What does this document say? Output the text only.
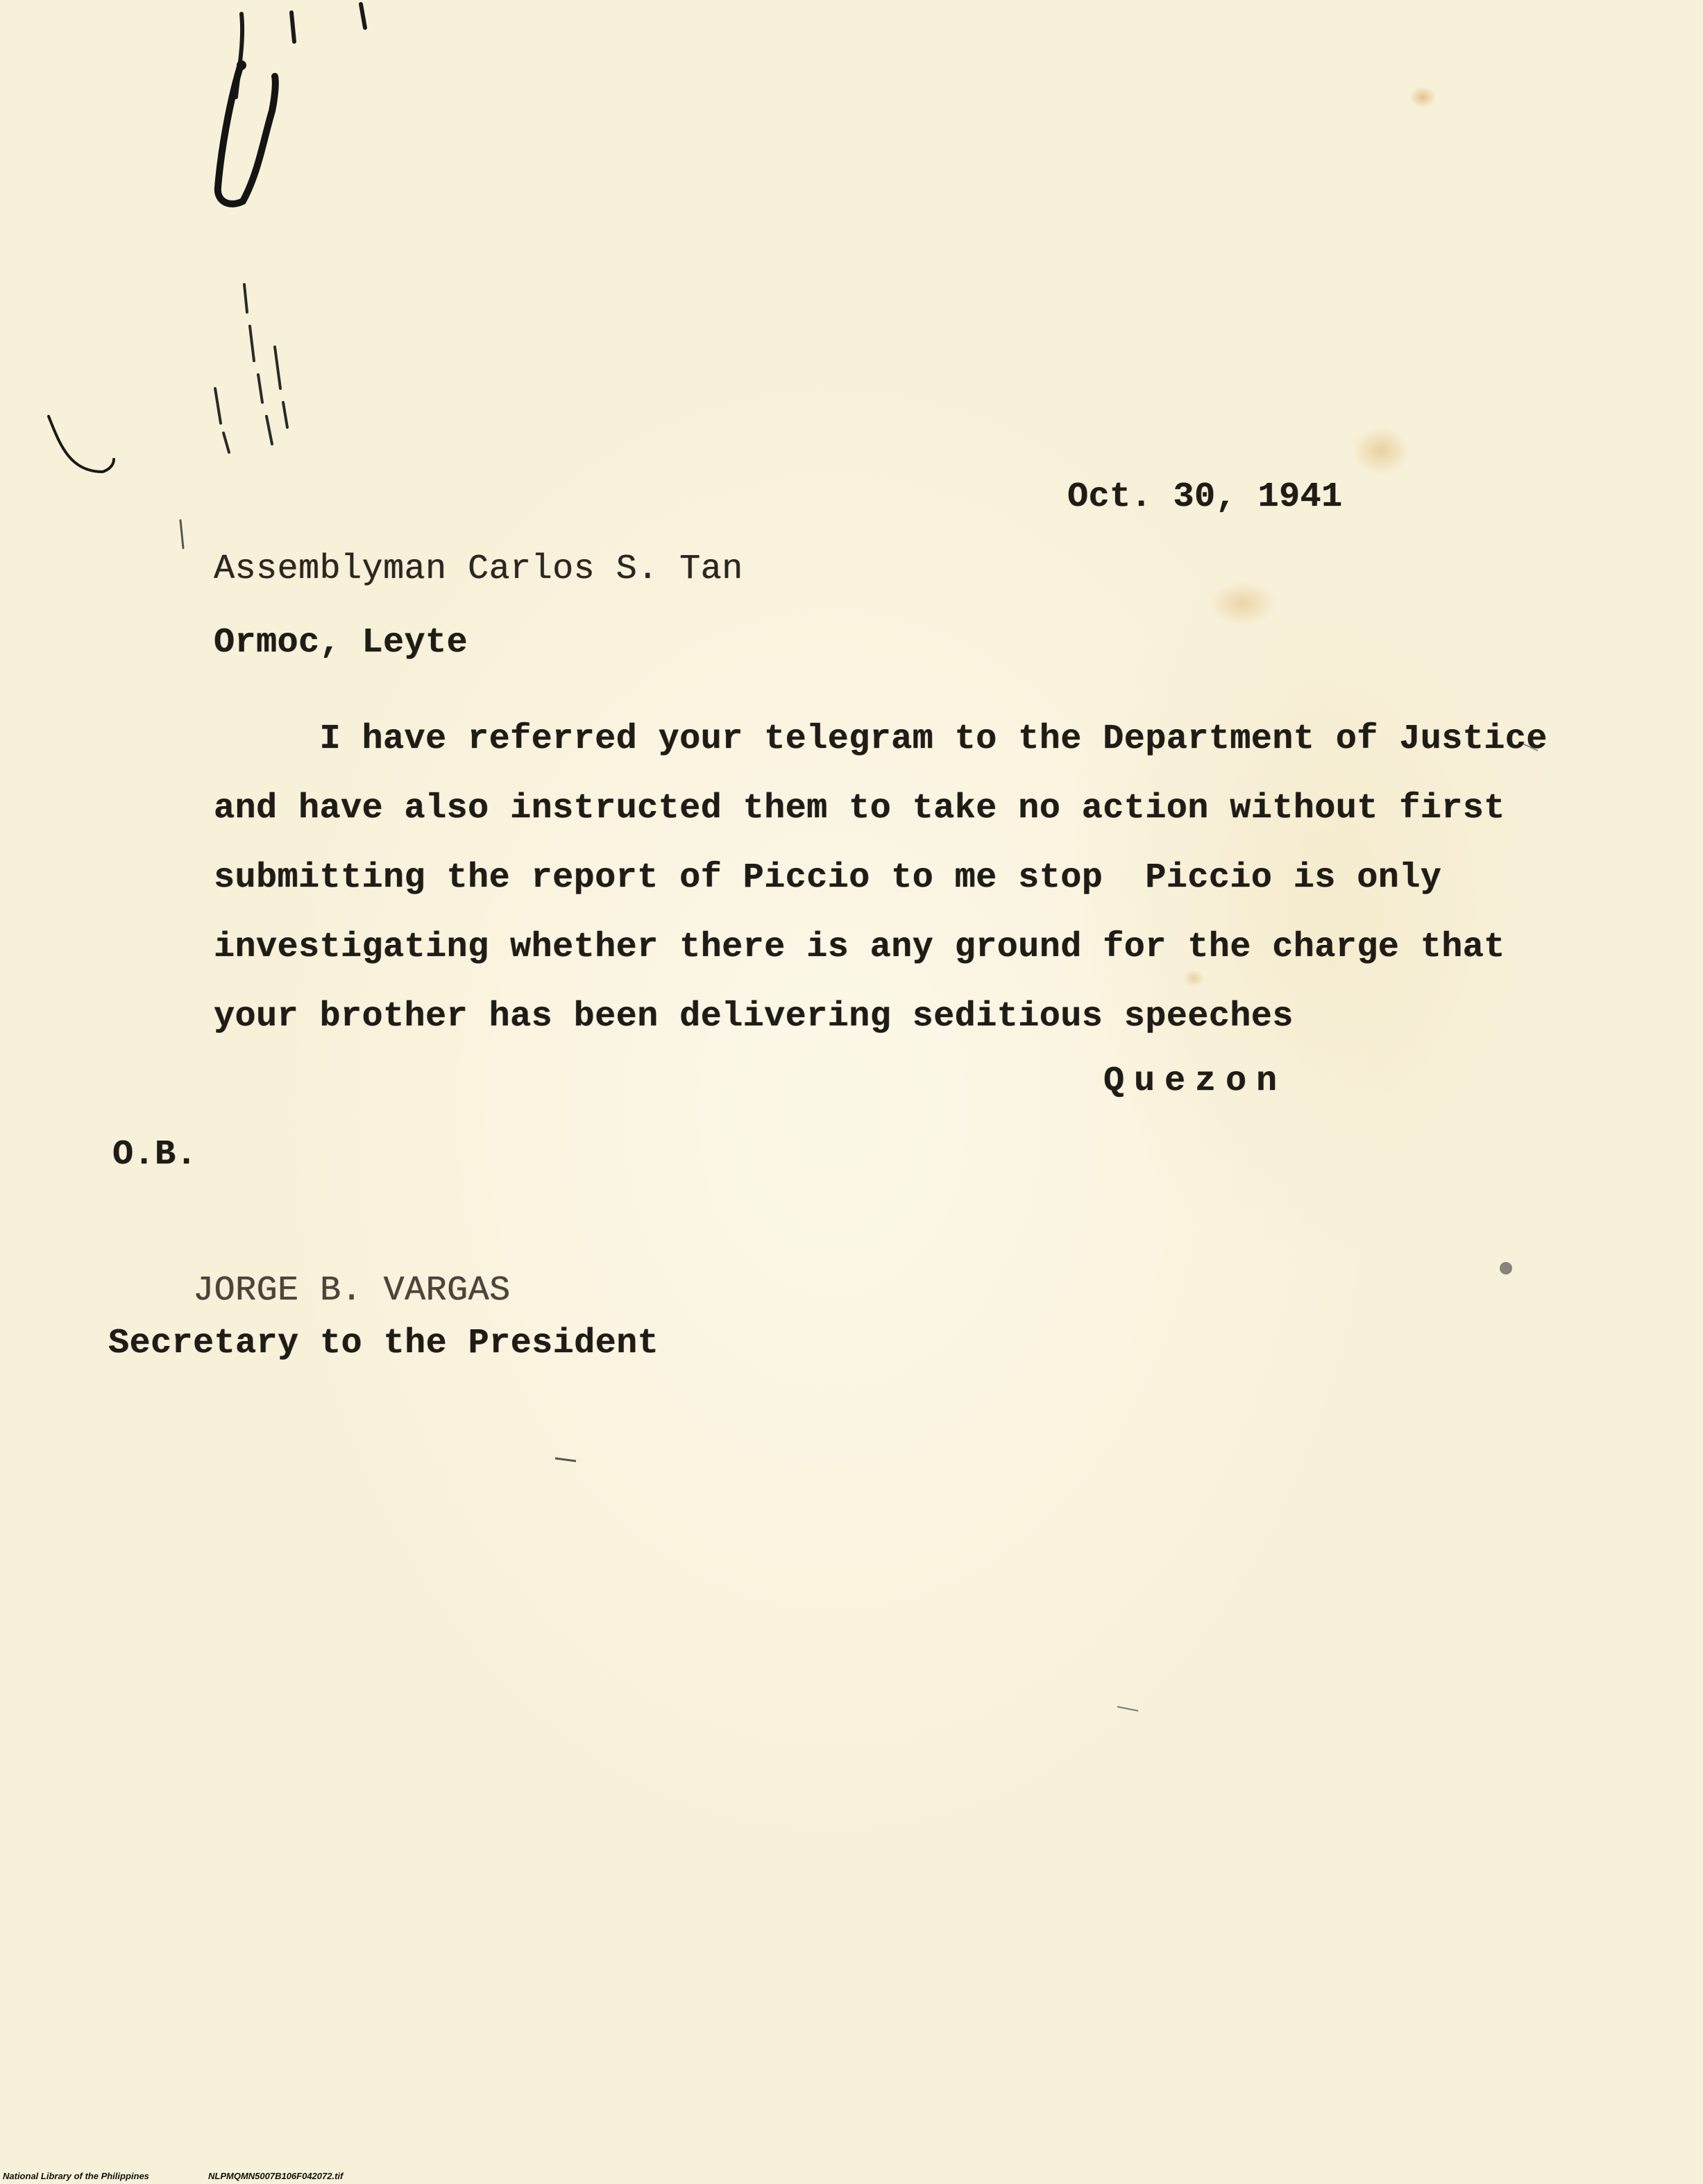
Oct. 30, 1941

Assemblyman Carlos S. Tan

Ormoc, Leyte

I have referred your telegram to the Department of Justice
and have also instructed them to take no action without first
submitting the report of Piccio to me stop  Piccio is only
investigating whether there is any ground for the charge that
your brother has been delivering seditious speeches

Quezon

O.B.

JORGE B. VARGAS

Secretary to the President

National Library of the Philippines	NLPMQMN5007B106F042072.tif
